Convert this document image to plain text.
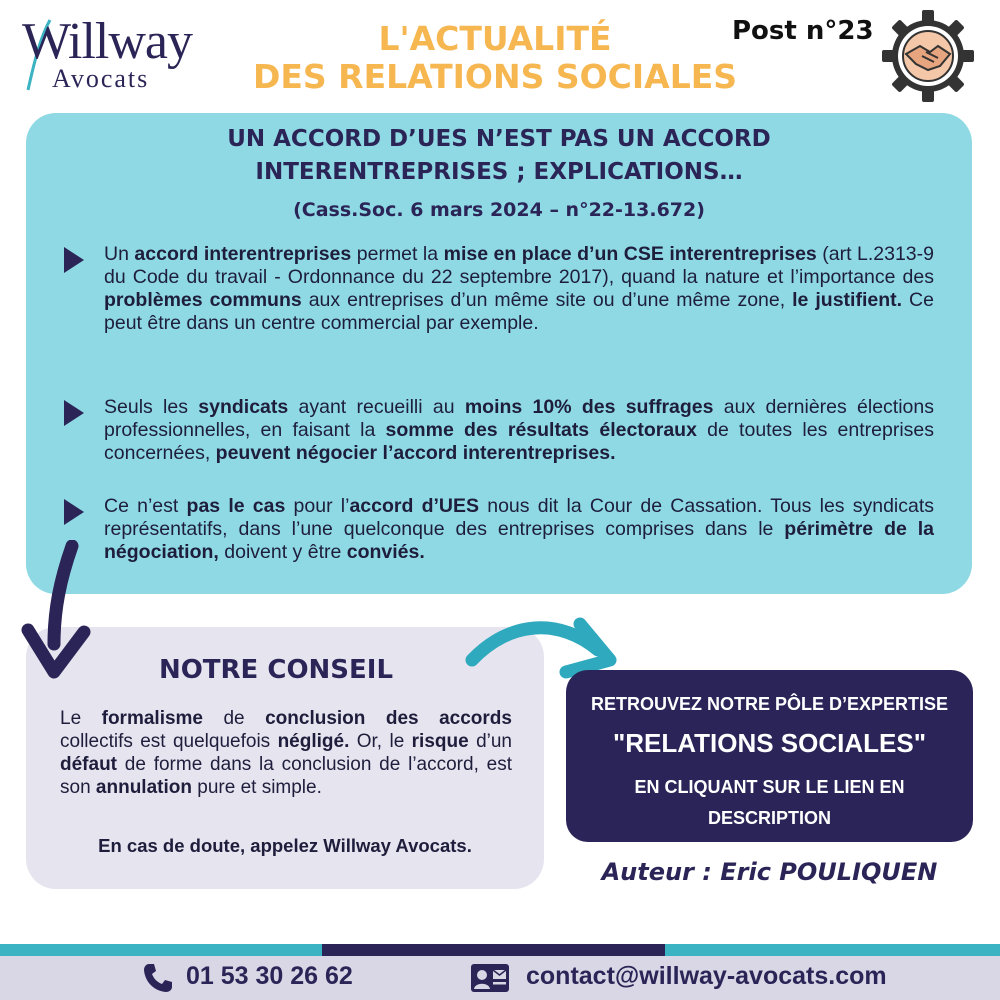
Willway
Avocats
L'ACTUALITÉ
DES RELATIONS SOCIALES
Post n°23
UN ACCORD D’UES N’EST PAS UN ACCORD
INTERENTREPRISES ; EXPLICATIONS…
(Cass.Soc. 6 mars 2024 – n°22-13.672)

Un accord interentreprises permet la mise en place d’un CSE interentreprises (art L.2313-9 du Code du travail - Ordonnance du 22 septembre 2017), quand la nature et l’importance des problèmes communs aux entreprises d’un même site ou d’une même zone, le justifient. Ce peut être dans un centre commercial par exemple.

Seuls les syndicats ayant recueilli au moins 10% des suffrages aux dernières élections professionnelles, en faisant la somme des résultats électoraux de toutes les entreprises concernées, peuvent négocier l’accord interentreprises.

Ce n’est pas le cas pour l’accord d’UES nous dit la Cour de Cassation. Tous les syndicats représentatifs, dans l’une quelconque des entreprises comprises dans le périmètre de la négociation, doivent y être conviés.

NOTRE CONSEIL

Le formalisme de conclusion des accords collectifs est quelquefois négligé. Or, le risque d’un défaut de forme dans la conclusion de l’accord, est son annulation pure et simple.

En cas de doute, appelez Willway Avocats.
RETROUVEZ NOTRE PÔLE D’EXPERTISE
"RELATIONS SOCIALES"
EN CLIQUANT SUR LE LIEN EN
DESCRIPTION
Auteur : Eric POULIQUEN
01 53 30 26 62	contact@willway-avocats.com
